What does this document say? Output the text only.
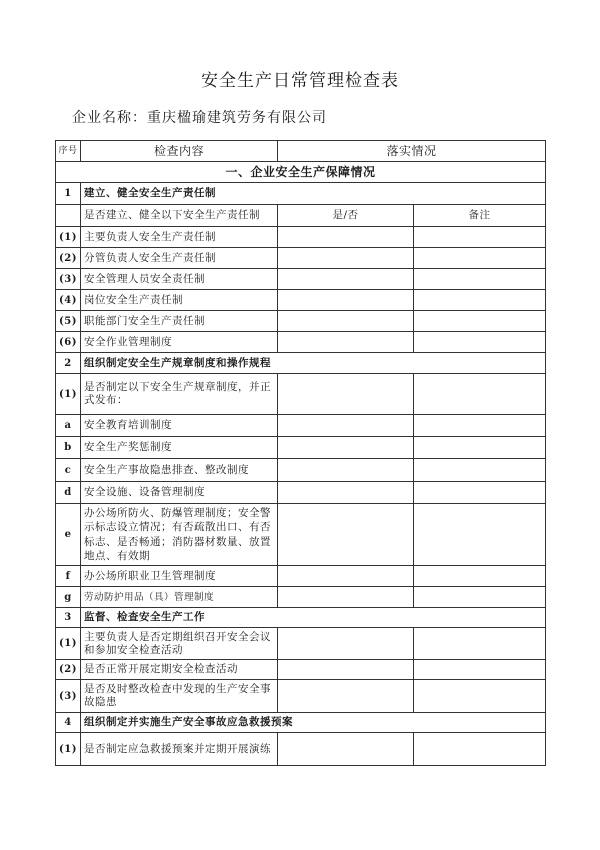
安全生产日常管理检查表
企业名称：重庆楹瑜建筑劳务有限公司
序号	检查内容	落实情况	
一、企业安全生产保障情况			
1	建立、健全安全生产责任制		
	是否建立、健全以下安全生产责任制	是/否	备注
(1)	主要负责人安全生产责任制		
(2)	分管负责人安全生产责任制		
(3)	安全管理人员安全责任制		
(4)	岗位安全生产责任制		
(5)	职能部门安全生产责任制		
(6)	安全作业管理制度		
2	组织制定安全生产规章制度和操作规程		
(1)	是否制定以下安全生产规章制度，并正式发布：		
a	安全教育培训制度		
b	安全生产奖惩制度		
c	安全生产事故隐患排查、整改制度		
d	安全设施、设备管理制度		
e	办公场所防火、防爆管理制度；安全警示标志设立情况；有否疏散出口、有否标志、是否畅通；消防器材数量、放置地点、有效期		
f	办公场所职业卫生管理制度		
g	劳动防护用品（具）管理制度		
3	监督、检查安全生产工作		
(1)	主要负责人是否定期组织召开安全会议和参加安全检查活动		
(2)	是否正常开展定期安全检查活动		
(3)	是否及时整改检查中发现的生产安全事故隐患		
4	组织制定并实施生产安全事故应急救援预案		
(1)	是否制定应急救援预案并定期开展演练		
